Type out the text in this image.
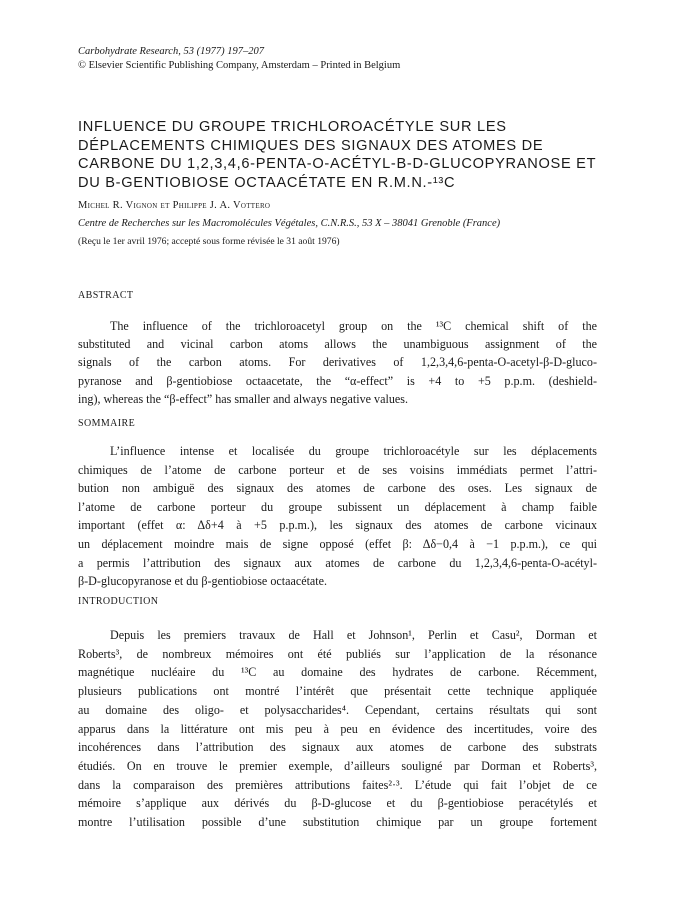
Carbohydrate Research, 53 (1977) 197–207
© Elsevier Scientific Publishing Company, Amsterdam – Printed in Belgium
INFLUENCE DU GROUPE TRICHLOROACÉTYLE SUR LES
DÉPLACEMENTS CHIMIQUES DES SIGNAUX DES ATOMES DE
CARBONE DU 1,2,3,4,6-PENTA-O-ACÉTYL-Β-D-GLUCOPYRANOSE ET
DU Β-GENTIOBIOSE OCTAACÉTATE EN R.M.N.-¹³C
Michel R. Vignon et Philippe J. A. Vottero
Centre de Recherches sur les Macromolécules Végétales, C.N.R.S., 53 X – 38041 Grenoble (France)
(Reçu le 1er avril 1976; accepté sous forme révisée le 31 août 1976)
ABSTRACT
The influence of the trichloroacetyl group on the ¹³C chemical shift of the
substituted and vicinal carbon atoms allows the unambiguous assignment of the
signals of the carbon atoms. For derivatives of 1,2,3,4,6-penta-O-acetyl-β-D-gluco-
pyranose and β-gentiobiose octaacetate, the “α-effect” is +4 to +5 p.p.m. (deshield-
ing), whereas the “β-effect” has smaller and always negative values.
SOMMAIRE
L’influence intense et localisée du groupe trichloroacétyle sur les déplacements
chimiques de l’atome de carbone porteur et de ses voisins immédiats permet l’attri-
bution non ambiguë des signaux des atomes de carbone des oses. Les signaux de
l’atome de carbone porteur du groupe subissent un déplacement à champ faible
important (effet α: Δδ+4 à +5 p.p.m.), les signaux des atomes de carbone vicinaux
un déplacement moindre mais de signe opposé (effet β: Δδ−0,4 à −1 p.p.m.), ce qui
a permis l’attribution des signaux aux atomes de carbone du 1,2,3,4,6-penta-O-acétyl-
β-D-glucopyranose et du β-gentiobiose octaacétate.
INTRODUCTION
Depuis les premiers travaux de Hall et Johnson¹, Perlin et Casu², Dorman et
Roberts³, de nombreux mémoires ont été publiés sur l’application de la résonance
magnétique nucléaire du ¹³C au domaine des hydrates de carbone. Récemment,
plusieurs publications ont montré l’intérêt que présentait cette technique appliquée
au domaine des oligo- et polysaccharides⁴. Cependant, certains résultats qui sont
apparus dans la littérature ont mis peu à peu en évidence des incertitudes, voire des
incohérences dans l’attribution des signaux aux atomes de carbone des substrats
étudiés. On en trouve le premier exemple, d’ailleurs souligné par Dorman et Roberts³,
dans la comparaison des premières attributions faites²·³. L’étude qui fait l’objet de ce
mémoire s’applique aux dérivés du β-D-glucose et du β-gentiobiose peracétylés et
montre l’utilisation possible d’une substitution chimique par un groupe fortement
